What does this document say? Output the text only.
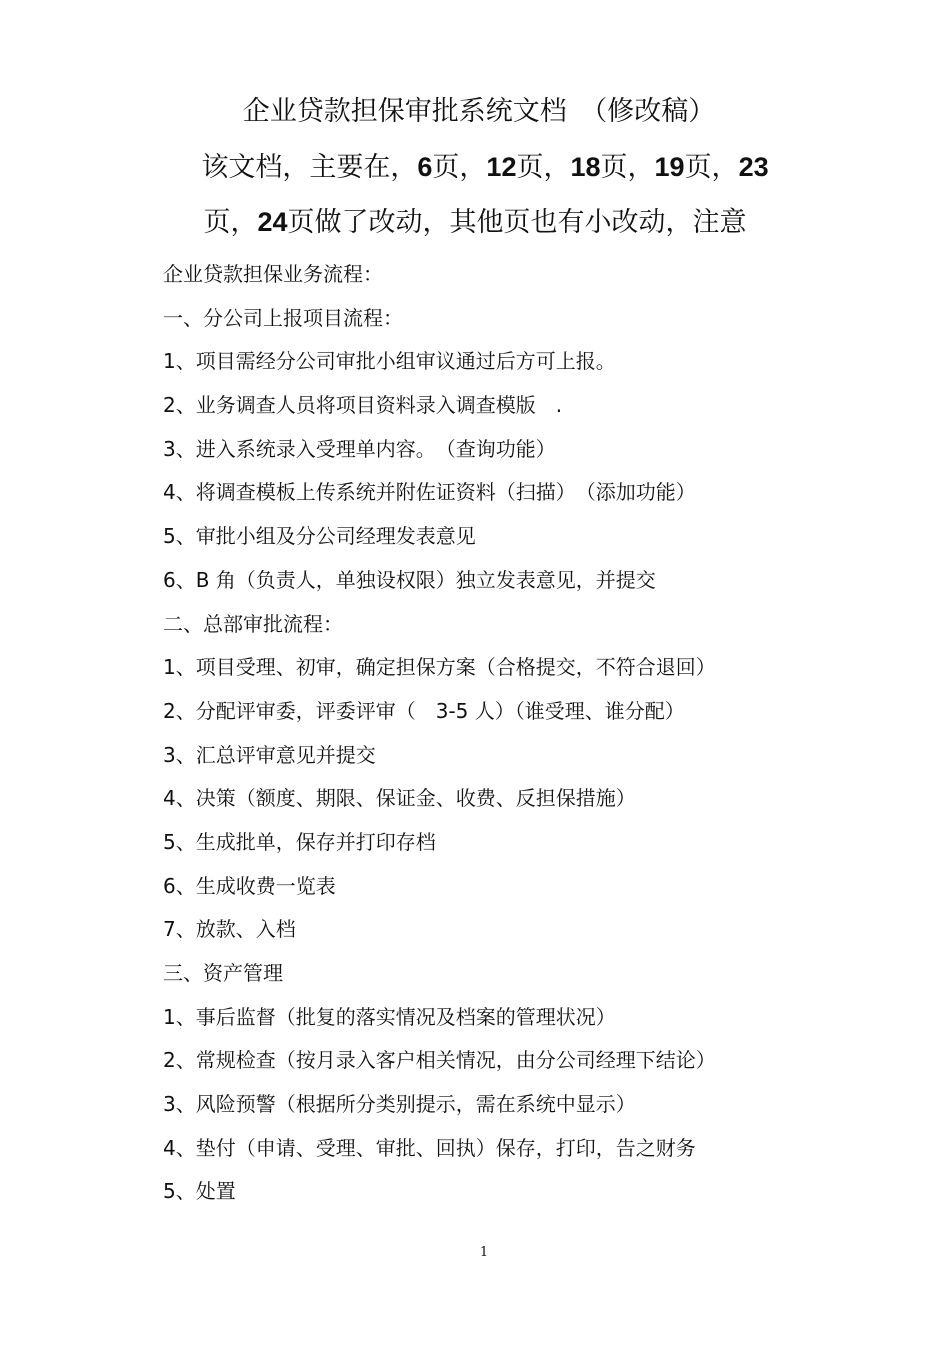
企业贷款担保审批系统文档　（修改稿）
该文档，主要在，6页，12页，18页，19页，23
页，24页做了改动，其他页也有小改动，注意
企业贷款担保业务流程：
一、分公司上报项目流程：
1、项目需经分公司审批小组审议通过后方可上报。
2、业务调查人员将项目资料录入调查模版　.
3、进入系统录入受理单内容。　（查询功能）
4、将调查模板上传系统并附佐证资料（扫描）　（添加功能）
5、审批小组及分公司经理发表意见
6、B 角（负责人，单独设权限）独立发表意见，并提交
二、总部审批流程：
1、项目受理、初审，确定担保方案（合格提交，不符合退回）
2、分配评审委，评委评审（　3-5 人）（谁受理、谁分配）
3、汇总评审意见并提交
4、决策（额度、期限、保证金、收费、反担保措施）
5、生成批单，保存并打印存档
6、生成收费一览表
7、放款、入档
三、资产管理
1、事后监督（批复的落实情况及档案的管理状况）
2、常规检查（按月录入客户相关情况，由分公司经理下结论）
3、风险预警（根据所分类别提示，需在系统中显示）
4、垫付（申请、受理、审批、回执）保存，打印，告之财务
5、处置
1
